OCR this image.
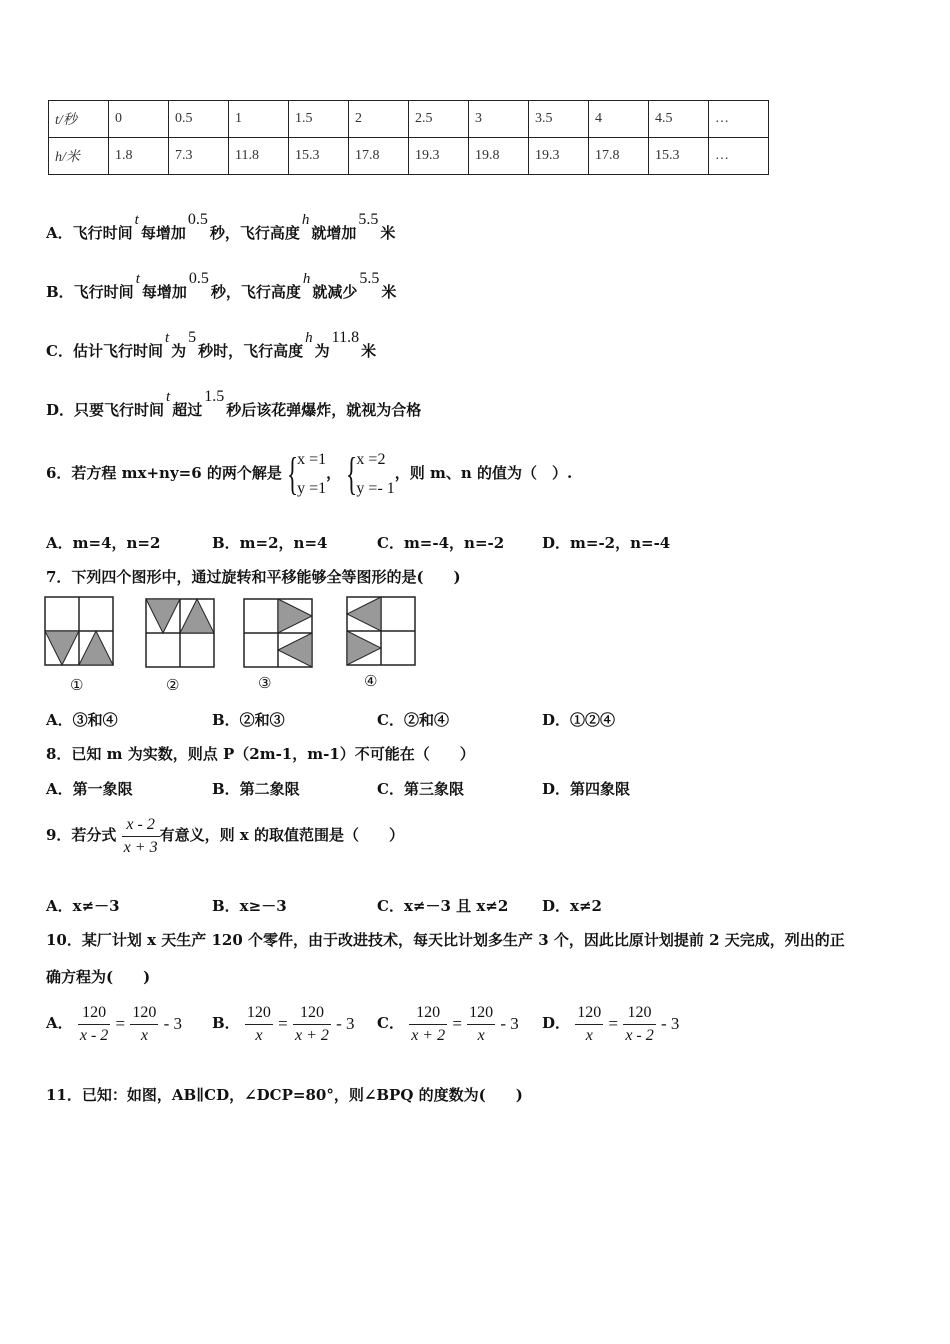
t/秒	0	0.5	1	1.5	2	2.5	3	3.5	4	4.5	…
h/米	1.8	7.3	11.8	15.3	17.8	19.3	19.8	19.3	17.8	15.3	…
A．飞行时间t每增加0.5秒，飞行高度h就增加5.5米
B．飞行时间t每增加0.5秒，飞行高度h就减少5.5米
C．估计飞行时间t为5秒时，飞行高度h为11.8米
D．只要飞行时间t超过1.5秒后该花弹爆炸，就视为合格
6．若方程 mx+ny=6 的两个解是 {
x =1
y =1
， {
x =2
y =- 1
，则 m、n 的值为（　）.
A．m=4，n=2	B．m=2，n=4	C．m=-4，n=-2	D．m=-2，n=-4
7．下列四个图形中，通过旋转和平移能够全等图形的是(　　)
①	②	③	④
A．③和④	B．②和③	C．②和④	D．①②④
8．已知 m 为实数，则点 P（2m-1，m-1）不可能在（　　）
A．第一象限	B．第二象限	C．第三象限	D．第四象限
9．若分式 $\frac{x - 2}{x + 3}$ 有意义，则 x 的取值范围是（　　）
A．x≠－3	B．x≥－3	C．x≠－3 且 x≠2 D．x≠2
10．某厂计划 x 天生产 120 个零件，由于改进技术，每天比计划多生产 3 个，因此比原计划提前 2 天完成，列出的正
确方程为(　　)
A． $\frac{120}{x - 2} = \frac{120}{x} - 3$ B． $\frac{120}{x} = \frac{120}{x + 2} - 3$ C． $\frac{120}{x + 2} = \frac{120}{x} - 3$ D． $\frac{120}{x} = \frac{120}{x - 2} - 3$
11．已知：如图，AB∥CD，∠DCP=80°，则∠BPQ 的度数为(　　)
